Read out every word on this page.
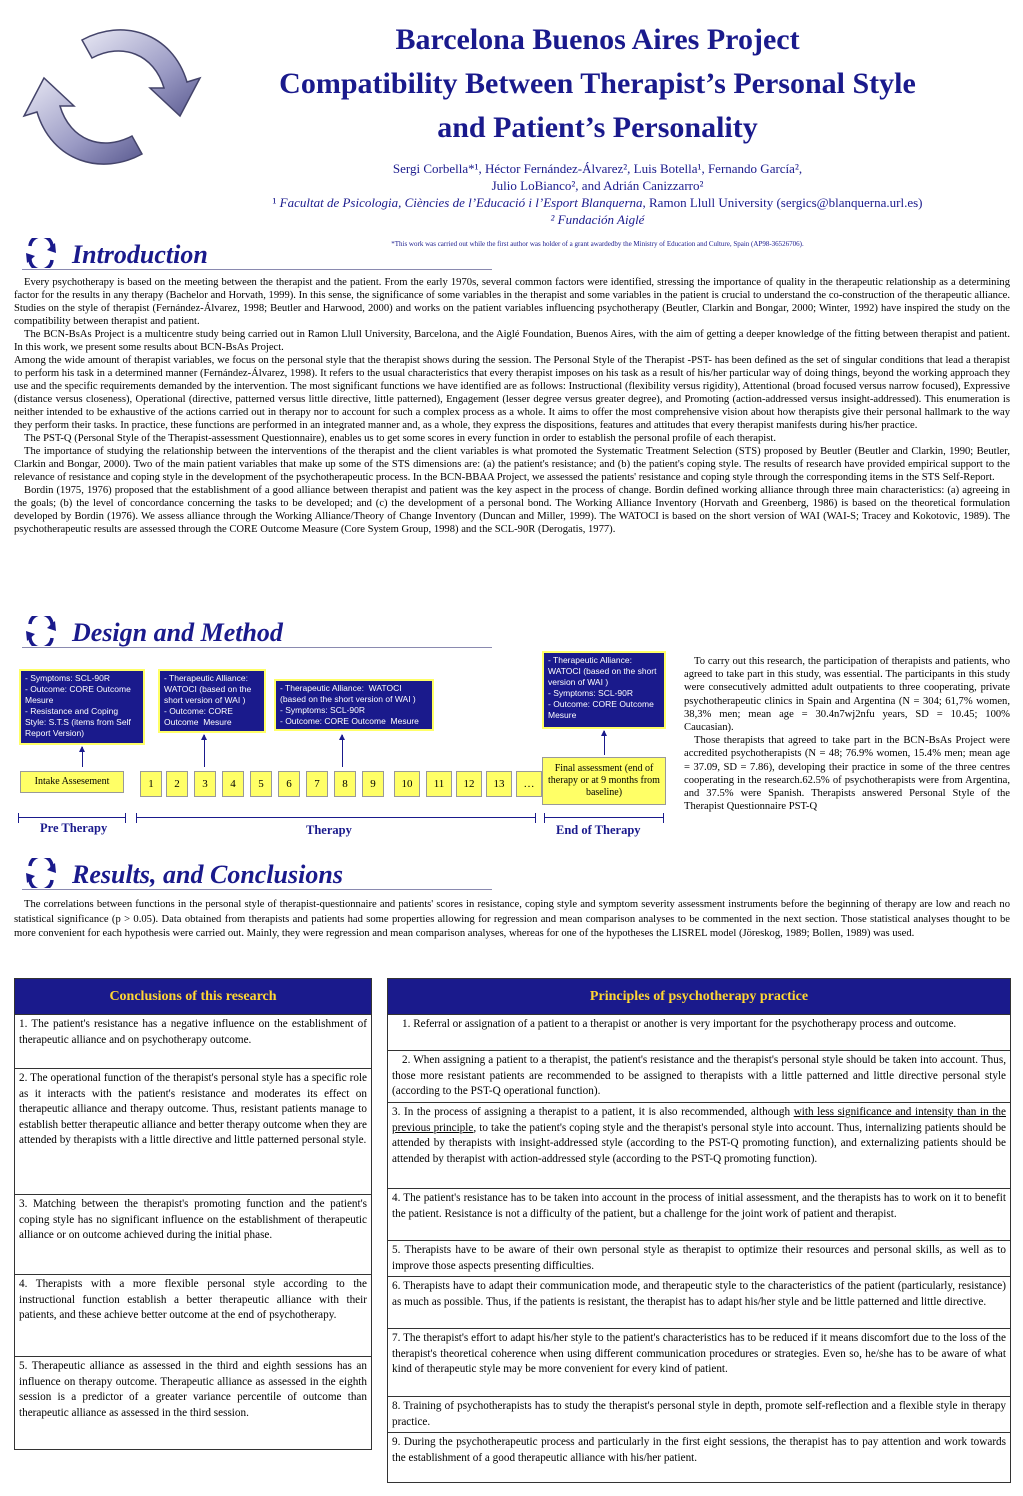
Barcelona Buenos Aires Project
Compatibility Between Therapist’s Personal Style
and Patient’s Personality
Sergi Corbella*¹, Héctor Fernández-Álvarez², Luis Botella¹, Fernando García²,
Julio LoBianco², and Adrián Canizzarro²
¹ Facultat de Psicologia, Ciències de l’Educació i l’Esport Blanquerna, Ramon Llull University (sergics@blanquerna.url.es)
² Fundación Aiglé
*This work was carried out while the first author was holder of a grant awardedby the Ministry of Education and Culture, Spain (AP98-36526706).
Introduction

Every psychotherapy is based on the meeting between the therapist and the patient. From the early 1970s, several common factors were identified, stressing the importance of quality in the therapeutic relationship as a determining factor for the results in any therapy (Bachelor and Horvath, 1999). In this sense, the significance of some variables in the therapist and some variables in the patient is crucial to understand the co-construction of the therapeutic alliance. Studies on the style of therapist (Fernández-Álvarez, 1998; Beutler and Harwood, 2000) and works on the patient variables influencing psychotherapy (Beutler, Clarkin and Bongar, 2000; Winter, 1992) have inspired the study on the compatibility between therapist and patient.

The BCN-BsAs Project is a multicentre study being carried out in Ramon Llull University, Barcelona, and the Aiglé Foundation, Buenos Aires, with the aim of getting a deeper knowledge of the fitting between therapist and patient. In this work, we present some results about BCN-BsAs Project.

Among the wide amount of therapist variables, we focus on the personal style that the therapist shows during the session. The Personal Style of the Therapist -PST- has been defined as the set of singular conditions that lead a therapist to perform his task in a determined manner (Fernández-Álvarez, 1998). It refers to the usual characteristics that every therapist imposes on his task as a result of his/her particular way of doing things, beyond the working approach they use and the specific requirements demanded by the intervention. The most significant functions we have identified are as follows: Instructional (flexibility versus rigidity), Attentional (broad focused versus narrow focused), Expressive (distance versus closeness), Operational (directive, patterned versus little directive, little patterned), Engagement (lesser degree versus greater degree), and Promoting (action-addressed versus insight-addressed). This enumeration is neither intended to be exhaustive of the actions carried out in therapy nor to account for such a complex process as a whole. It aims to offer the most comprehensive vision about how therapists give their personal hallmark to the way they perform their tasks. In practice, these functions are performed in an integrated manner and, as a whole, they express the dispositions, features and attitudes that every therapist manifests during his/her practice.

The PST-Q (Personal Style of the Therapist-assessment Questionnaire), enables us to get some scores in every function in order to establish the personal profile of each therapist.

The importance of studying the relationship between the interventions of the therapist and the client variables is what promoted the Systematic Treatment Selection (STS) proposed by Beutler (Beutler and Clarkin, 1990; Beutler, Clarkin and Bongar, 2000). Two of the main patient variables that make up some of the STS dimensions are: (a) the patient's resistance; and (b) the patient's coping style. The results of research have provided empirical support to the relevance of resistance and coping style in the development of the psychotherapeutic process. In the BCN-BBAA Project, we assessed the patients' resistance and coping style through the corresponding items in the STS Self-Report.

Bordin (1975, 1976) proposed that the establishment of a good alliance between therapist and patient was the key aspect in the process of change. Bordin defined working alliance through three main characteristics: (a) agreeing in the goals; (b) the level of concordance concerning the tasks to be developed; and (c) the development of a personal bond. The Working Alliance Inventory (Horvath and Greenberg, 1986) is based on the theoretical formulation developed by Bordin (1976). We assess alliance through the Working Alliance/Theory of Change Inventory (Duncan and Miller, 1999). The WATOCI is based on the short version of WAI (WAI-S; Tracey and Kokotovic, 1989). The psychotherapeutic results are assessed through the CORE Outcome Measure (Core System Group, 1998) and the SCL-90R (Derogatis, 1977).

Design and Method
- Symptoms: SCL-90R
- Outcome: CORE Outcome Mesure
- Resistance and Coping Style: S.T.S (items from Self Report Version)
- Therapeutic Alliance: WATOCI (based on the short version of WAI )
- Outcome: CORE Outcome  Mesure
- Therapeutic Alliance:  WATOCI (based on the short version of WAI )
- Symptoms: SCL-90R
- Outcome: CORE Outcome  Mesure
- Therapeutic Alliance: WATOCI (based on the short version of WAI )
- Symptoms: SCL-90R
- Outcome: CORE Outcome Mesure
Intake Assesement	1	2	3	4	5	6	7	8	9	10	11	12	13	…
Final assessment (end of therapy or at 9 months from baseline)
Pre Therapy	Therapy	End of Therapy

To carry out this research, the participation of therapists and patients, who agreed to take part in this study, was essential. The participants in this study were consecutively admitted adult outpatients to three cooperating, private psychotherapeutic clinics in Spain and Argentina (N = 304; 61,7% women, 38,3% men; mean age = 30.4n7wj2nfu years, SD = 10.45; 100% Caucasian).

Those therapists that agreed to take part in the BCN-BsAs Project were accredited psychotherapists (N = 48; 76.9% women, 15.4% men; mean age = 37.09, SD = 7.86), developing their practice in some of the three centres cooperating in the research.62.5% of psychotherapists were from Argentina, and 37.5% were Spanish. Therapists answered Personal Style of the Therapist Questionnaire PST-Q

Results, and Conclusions

The correlations between functions in the personal style of therapist-questionnaire and patients' scores in resistance, coping style and symptom severity assessment instruments before the beginning of therapy are low and reach no statistical significance (p > 0.05). Data obtained from therapists and patients had some properties allowing for regression and mean comparison analyses to be commented in the next section. Those statistical analyses thought to be more convenient for each hypothesis were carried out. Mainly, they were regression and mean comparison analyses, whereas for one of the hypotheses the LISREL model (Jöreskog, 1989; Bollen, 1989) was used.

Conclusions of this research
1. The patient's resistance has a negative influence on the establishment of therapeutic alliance and on psychotherapy outcome.
2. The operational function of the therapist's personal style has a specific role as it interacts with the patient's resistance and moderates its effect on therapeutic alliance and therapy outcome. Thus, resistant patients manage to establish better therapeutic alliance and better therapy outcome when they are attended by therapists with a little directive and little patterned personal style.
3. Matching between the therapist's promoting function and the patient's coping style has no significant influence on the establishment of therapeutic alliance or on outcome achieved during the initial phase.
4. Therapists with a more flexible personal style according to the instructional function establish a better therapeutic alliance with their patients, and these achieve better outcome at the end of psychotherapy.
5. Therapeutic alliance as assessed in the third and eighth sessions has an influence on therapy outcome. Therapeutic alliance as assessed in the eighth session is a predictor of a greater variance percentile of outcome than therapeutic alliance as assessed in the third session.
Principles of psychotherapy practice
1. Referral or assignation of a patient to a therapist or another is very important for the psychotherapy process and outcome.
2. When assigning a patient to a therapist, the patient's resistance and the therapist's personal style should be taken into account. Thus, those more resistant patients are recommended to be assigned to therapists with a little patterned and little directive personal style (according to the PST-Q operational function).
3. In the process of assigning a therapist to a patient, it is also recommended, although with less significance and intensity than in the previous principle, to take the patient's coping style and the therapist's personal style into account. Thus, internalizing patients should be attended by therapists with insight-addressed style (according to the PST-Q promoting function), and externalizing patients should be attended by therapist with action-addressed style (according to the PST-Q promoting function).
4. The patient's resistance has to be taken into account in the process of initial assessment, and the therapists has to work on it to benefit the patient. Resistance is not a difficulty of the patient, but a challenge for the joint work of patient and therapist.
5. Therapists have to be aware of their own personal style as therapist to optimize their resources and personal skills, as well as to improve those aspects presenting difficulties.
6. Therapists have to adapt their communication mode, and therapeutic style to the characteristics of the patient (particularly, resistance) as much as possible. Thus, if the patients is resistant, the therapist has to adapt his/her style and be little patterned and little directive.
7. The therapist's effort to adapt his/her style to the patient's characteristics has to be reduced if it means discomfort due to the loss of the therapist's theoretical coherence when using different communication procedures or strategies. Even so, he/she has to be aware of what kind of therapeutic style may be more convenient for every kind of patient.
8. Training of psychotherapists has to study the therapist's personal style in depth, promote self-reflection and a flexible style in therapy practice.
9. During the psychotherapeutic process and particularly in the first eight sessions, the therapist has to pay attention and work towards the establishment of a good therapeutic alliance with his/her patient.
